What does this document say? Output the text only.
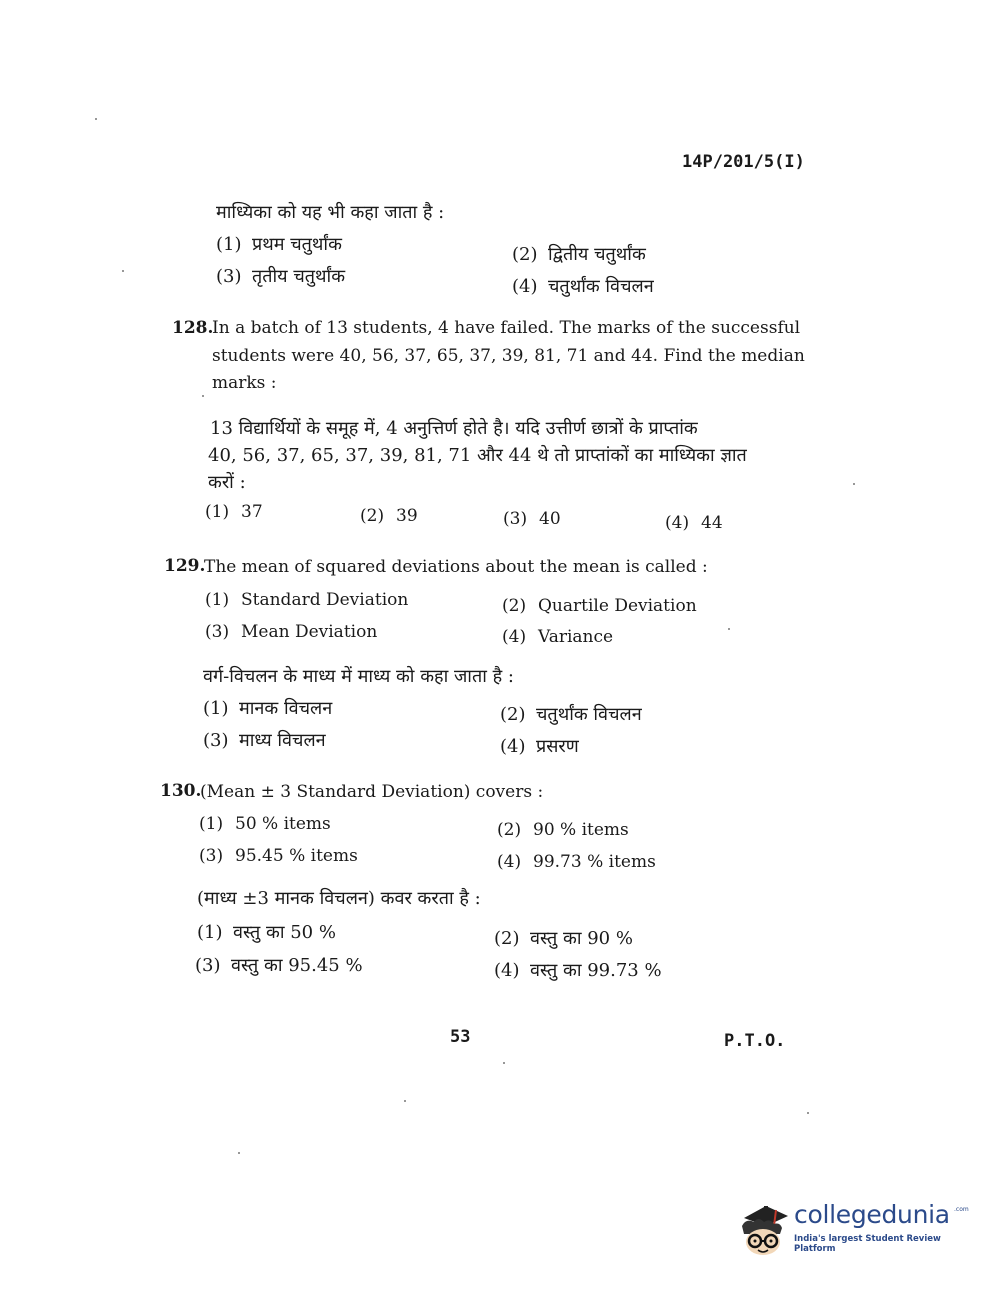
14P/201/5(I)
माध्यिका को यह भी कहा जाता है :
(1) प्रथम चतुर्थांक	(2) द्वितीय चतुर्थांक
(3) तृतीय चतुर्थांक	(4) चतुर्थांक विचलन
128.
In a batch of 13 students, 4 have failed. The marks of the successful
students were 40, 56, 37, 65, 37, 39, 81, 71 and 44. Find the median
marks :
13 विद्यार्थियों के समूह में, 4 अनुत्तिर्ण होते है। यदि उत्तीर्ण छात्रों के प्राप्तांक
40, 56, 37, 65, 37, 39, 81, 71 और 44 थे तो प्राप्तांकों का माध्यिका ज्ञात
करों :
(1) 37	(2) 39	(3) 40	(4) 44
129.
The mean of squared deviations about the mean is called :
(1) Standard Deviation	(2) Quartile Deviation
(3) Mean Deviation	(4) Variance
वर्ग-विचलन के माध्य में माध्य को कहा जाता है :
(1) मानक विचलन	(2) चतुर्थांक विचलन
(3) माध्य विचलन	(4) प्रसरण
130.
(Mean ± 3 Standard Deviation) covers :
(1) 50 % items	(2) 90 % items
(3) 95.45 % items	(4) 99.73 % items
(माध्य ±3 मानक विचलन) कवर करता है :
(1) वस्तु का 50 %	(2) वस्तु का 90 %
(3) वस्तु का 95.45 %	(4) वस्तु का 99.73 %
53	P.T.O.
collegedunia .com
India's largest Student Review Platform
